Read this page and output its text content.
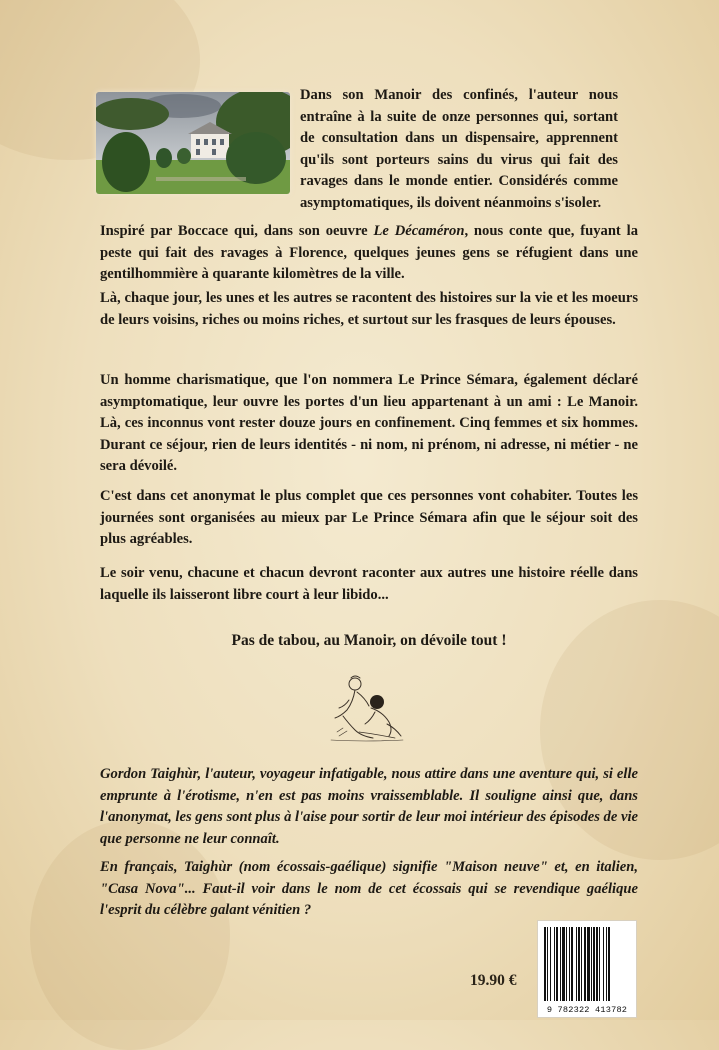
Dans son Manoir des confinés, l'auteur nous entraîne à la suite de onze personnes qui, sortant de consultation dans un dispensaire, apprennent qu'ils sont porteurs sains du virus qui fait des ravages dans le monde entier. Considérés comme asymptomatiques, ils doivent néanmoins s'isoler.

Inspiré par Boccace qui, dans son oeuvre Le Décaméron, nous conte que, fuyant la peste qui fait des ravages à Florence, quelques jeunes gens se réfugient dans une gentilhommière à quarante kilomètres de la ville.

Là, chaque jour, les unes et les autres se racontent des histoires sur la vie et les moeurs de leurs voisins, riches ou moins riches, et surtout sur les frasques de leurs épouses.

Un homme charismatique, que l'on nommera Le Prince Sémara, également déclaré asymptomatique, leur ouvre les portes d'un lieu appartenant à un ami : Le Manoir. Là, ces inconnus vont rester douze jours en confinement. Cinq femmes et six hommes. Durant ce séjour, rien de leurs identités - ni nom, ni prénom, ni adresse, ni métier - ne sera dévoilé.

C'est dans cet anonymat le plus complet que ces personnes vont cohabiter. Toutes les journées sont organisées au mieux par Le Prince Sémara afin que le séjour soit des plus agréables.

Le soir venu, chacune et chacun devront raconter aux autres une histoire réelle dans laquelle ils laisseront libre court à leur libido...

Pas de tabou, au Manoir, on dévoile tout !

Gordon Taighùr, l'auteur, voyageur infatigable, nous attire dans une aventure qui, si elle emprunte à l'érotisme, n'en est pas moins vraissemblable. Il souligne ainsi que, dans l'anonymat, les gens sont plus à l'aise pour sortir de leur moi intérieur des épisodes de vie que personne ne leur connaît.

En français, Taighùr (nom écossais-gaélique) signifie "Maison neuve" et, en italien, "Casa Nova"... Faut-il voir dans le nom de cet écossais qui se revendique gaélique l'esprit du célèbre galant vénitien ?

19.90 €

9 782322 413782
